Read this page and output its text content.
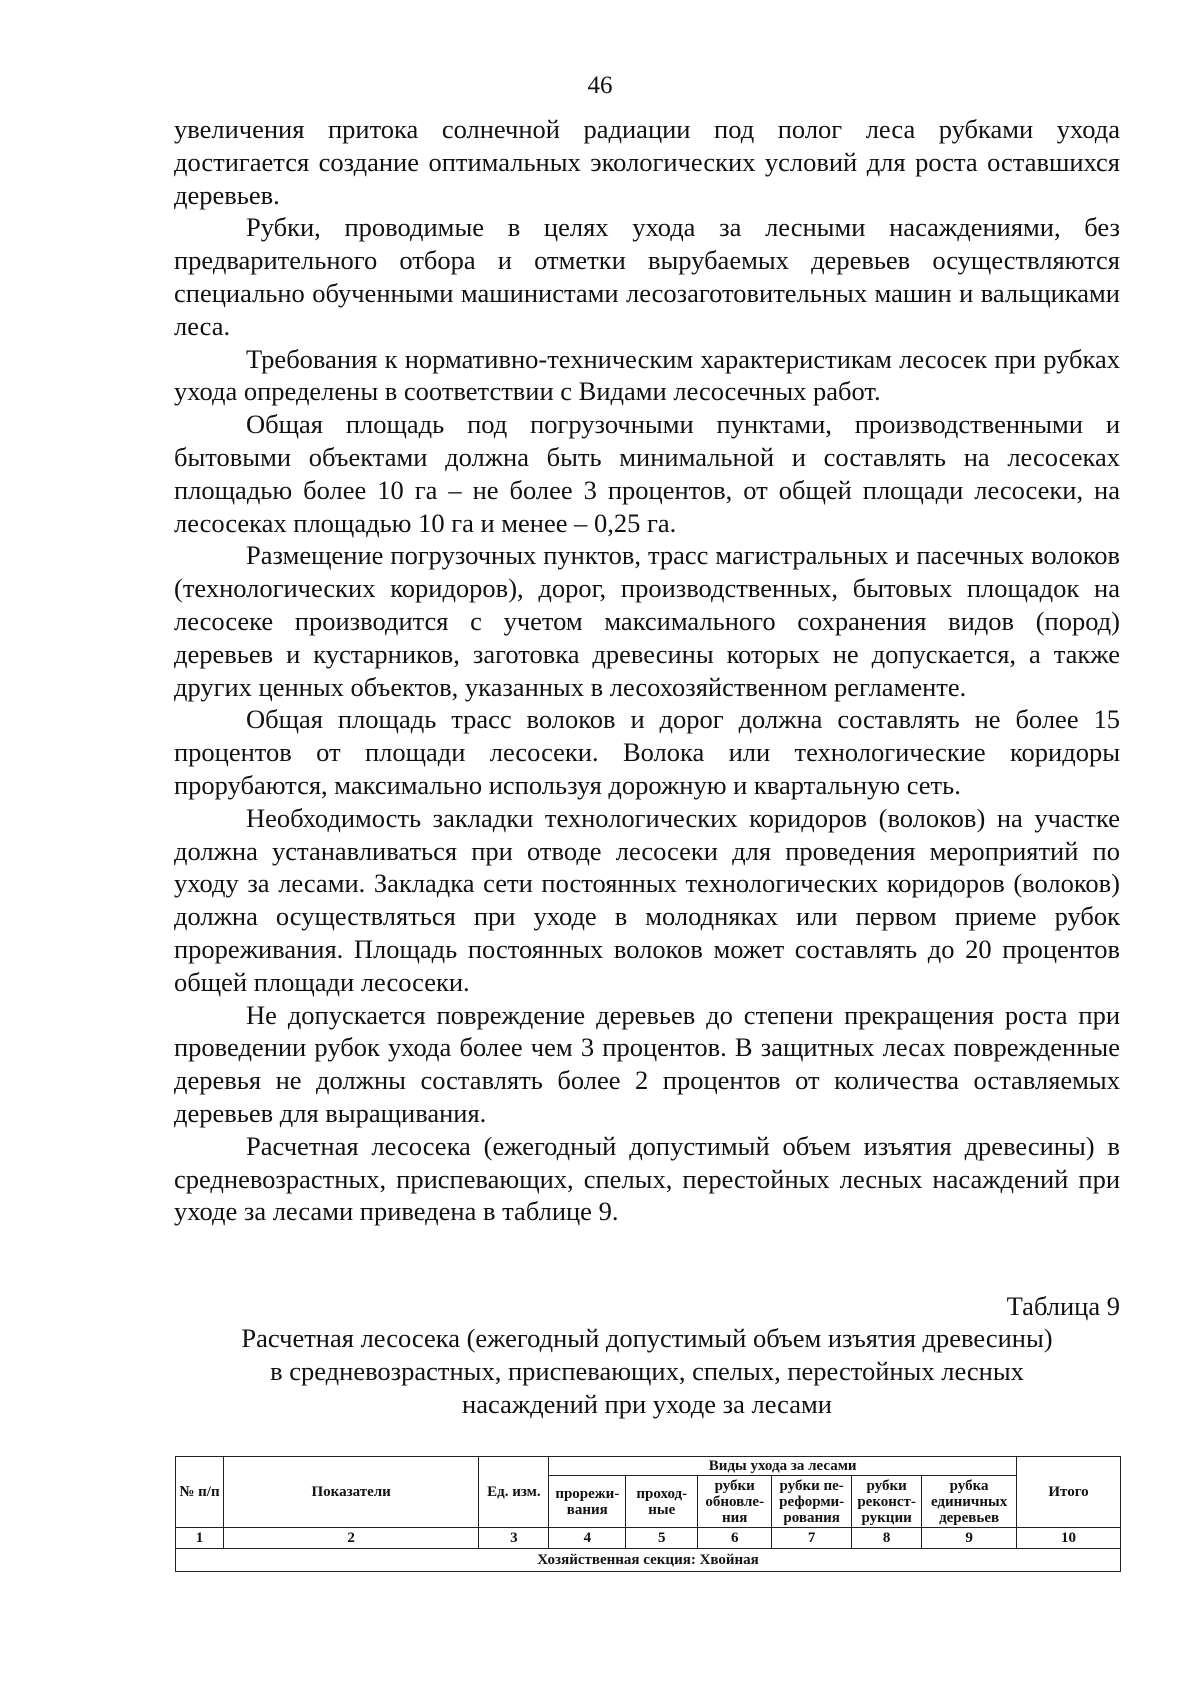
46

увеличения притока солнечной радиации под полог леса рубками ухода достигается создание оптимальных экологических условий для роста оставшихся деревьев.

Рубки, проводимые в целях ухода за лесными насаждениями, без предварительного отбора и отметки вырубаемых деревьев осуществляются специально обученными машинистами лесозаготовительных машин и вальщиками леса.

Требования к нормативно-техническим характеристикам лесосек при рубках ухода определены в соответствии с Видами лесосечных работ.

Общая площадь под погрузочными пунктами, производственными и бытовыми объектами должна быть минимальной и составлять на лесосеках площадью более 10 га – не более 3 процентов, от общей площади лесосеки, на лесосеках площадью 10 га и менее – 0,25 га.

Размещение погрузочных пунктов, трасс магистральных и пасечных волоков (технологических коридоров), дорог, производственных, бытовых площадок на лесосеке производится с учетом максимального сохранения видов (пород) деревьев и кустарников, заготовка древесины которых не допускается, а также других ценных объектов, указанных в лесохозяйственном регламенте.

Общая площадь трасс волоков и дорог должна составлять не более 15 процентов от площади лесосеки. Волока или технологические коридоры прорубаются, максимально используя дорожную и квартальную сеть.

Необходимость закладки технологических коридоров (волоков) на участке должна устанавливаться при отводе лесосеки для проведения мероприятий по уходу за лесами. Закладка сети постоянных технологических коридоров (волоков) должна осуществляться при уходе в молодняках или первом приеме рубок прореживания. Площадь постоянных волоков может составлять до 20 процентов общей площади лесосеки.

Не допускается повреждение деревьев до степени прекращения роста при проведении рубок ухода более чем 3 процентов. В защитных лесах поврежденные деревья не должны составлять более 2 процентов от количества оставляемых деревьев для выращивания.

Расчетная лесосека (ежегодный допустимый объем изъятия древесины) в средневозрастных, приспевающих, спелых, перестойных лесных насаждений при уходе за лесами приведена в таблице 9.

Таблица 9
Расчетная лесосека (ежегодный допустимый объем изъятия древесины)
в средневозрастных, приспевающих, спелых, перестойных лесных
насаждений при уходе за лесами
№ п/п	Показатели	Ед. изм.	Виды ухода за лесами						Итого
			прорежи-вания	проход-ные	рубки обновле-ния	рубки пе-реформи-рования	рубки реконст-рукции	рубка единичных деревьев	
1	2	3	4	5	6	7	8	9	10
Хозяйственная секция: Хвойная									
